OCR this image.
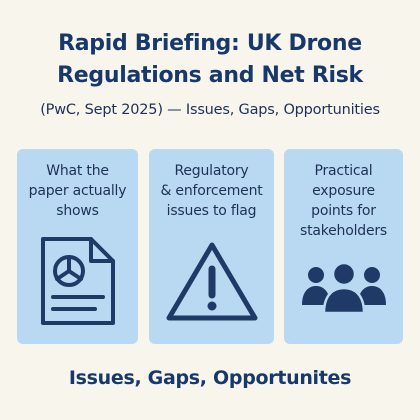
Rapid Briefing: UK Drone
Regulations and Net Risk

(PwC, Sept 2025) — Issues, Gaps, Opportunities

What the
paper actually
shows
Regulatory
& enforcement
issues to flag
Practical
exposure
points for
stakeholders

Issues, Gaps, Opportunites
